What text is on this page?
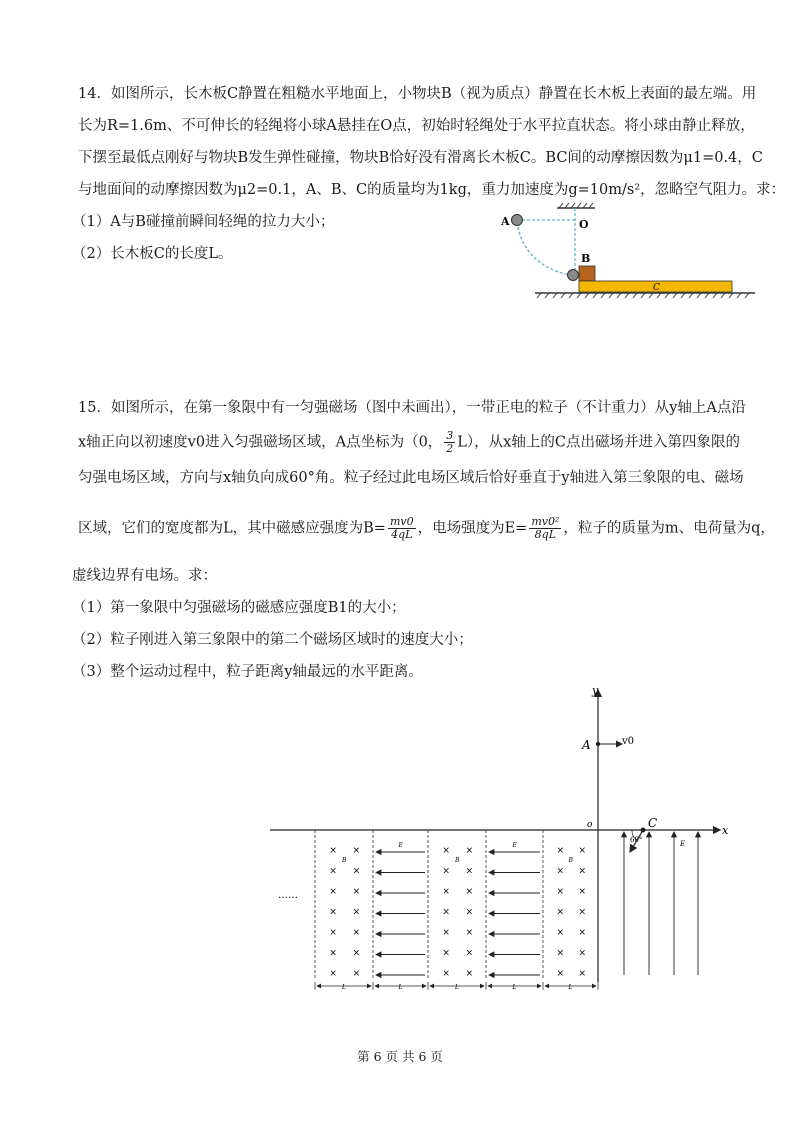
14．如图所示，长木板C静置在粗糙水平地面上，小物块B（视为质点）静置在长木板上表面的最左端。用
长为R=1.6m、不可伸长的轻绳将小球A悬挂在O点，初始时轻绳处于水平拉直状态。将小球由静止释放，
下摆至最低点刚好与物块B发生弹性碰撞，物块B恰好没有滑离长木板C。BC间的动摩擦因数为μ1=0.4，C
与地面间的动摩擦因数为μ2=0.1，A、B、C的质量均为1kg，重力加速度为g=10m/s²，忽略空气阻力。求：
（1）A与B碰撞前瞬间轻绳的拉力大小；
（2）长木板C的长度L。
A	O
B
C
15．如图所示，在第一象限中有一匀强磁场（图中未画出），一带正电的粒子（不计重力）从y轴上A点沿
x轴正向以初速度v0进入匀强磁场区域，A点坐标为（0， $\frac{3}{2} L$），从x轴上的C点出磁场并进入第四象限的
匀强电场区域，方向与x轴负向成60°角。粒子经过此电场区域后恰好垂直于y轴进入第三象限的电、磁场
区域，它们的宽度都为L，其中磁感应强度为$B= \frac{mv0}{4qL}$ ，电场强度为$E= \frac{\text{mv0²}}{8qL}$ ，粒子的质量为m、电荷量为q，
虚线边界有电场。求：
（1）第一象限中匀强磁场的磁感应强度B1的大小；
（2）粒子刚进入第三象限中的第二个磁场区域时的速度大小；
（3）整个运动过程中，粒子距离y轴最远的水平距离。
y
x
o
A	v0
C
60°	E
× ×
× ×
× ×
× ×
× ×
× ×
× ×
B
× ×
× ×
× ×
× ×
× ×
× ×
× ×
B
× ×
× ×
× ×
× ×
× ×
× ×
× ×
B
E	E
L	L	L	L	L
……
第 6 页 共 6 页
